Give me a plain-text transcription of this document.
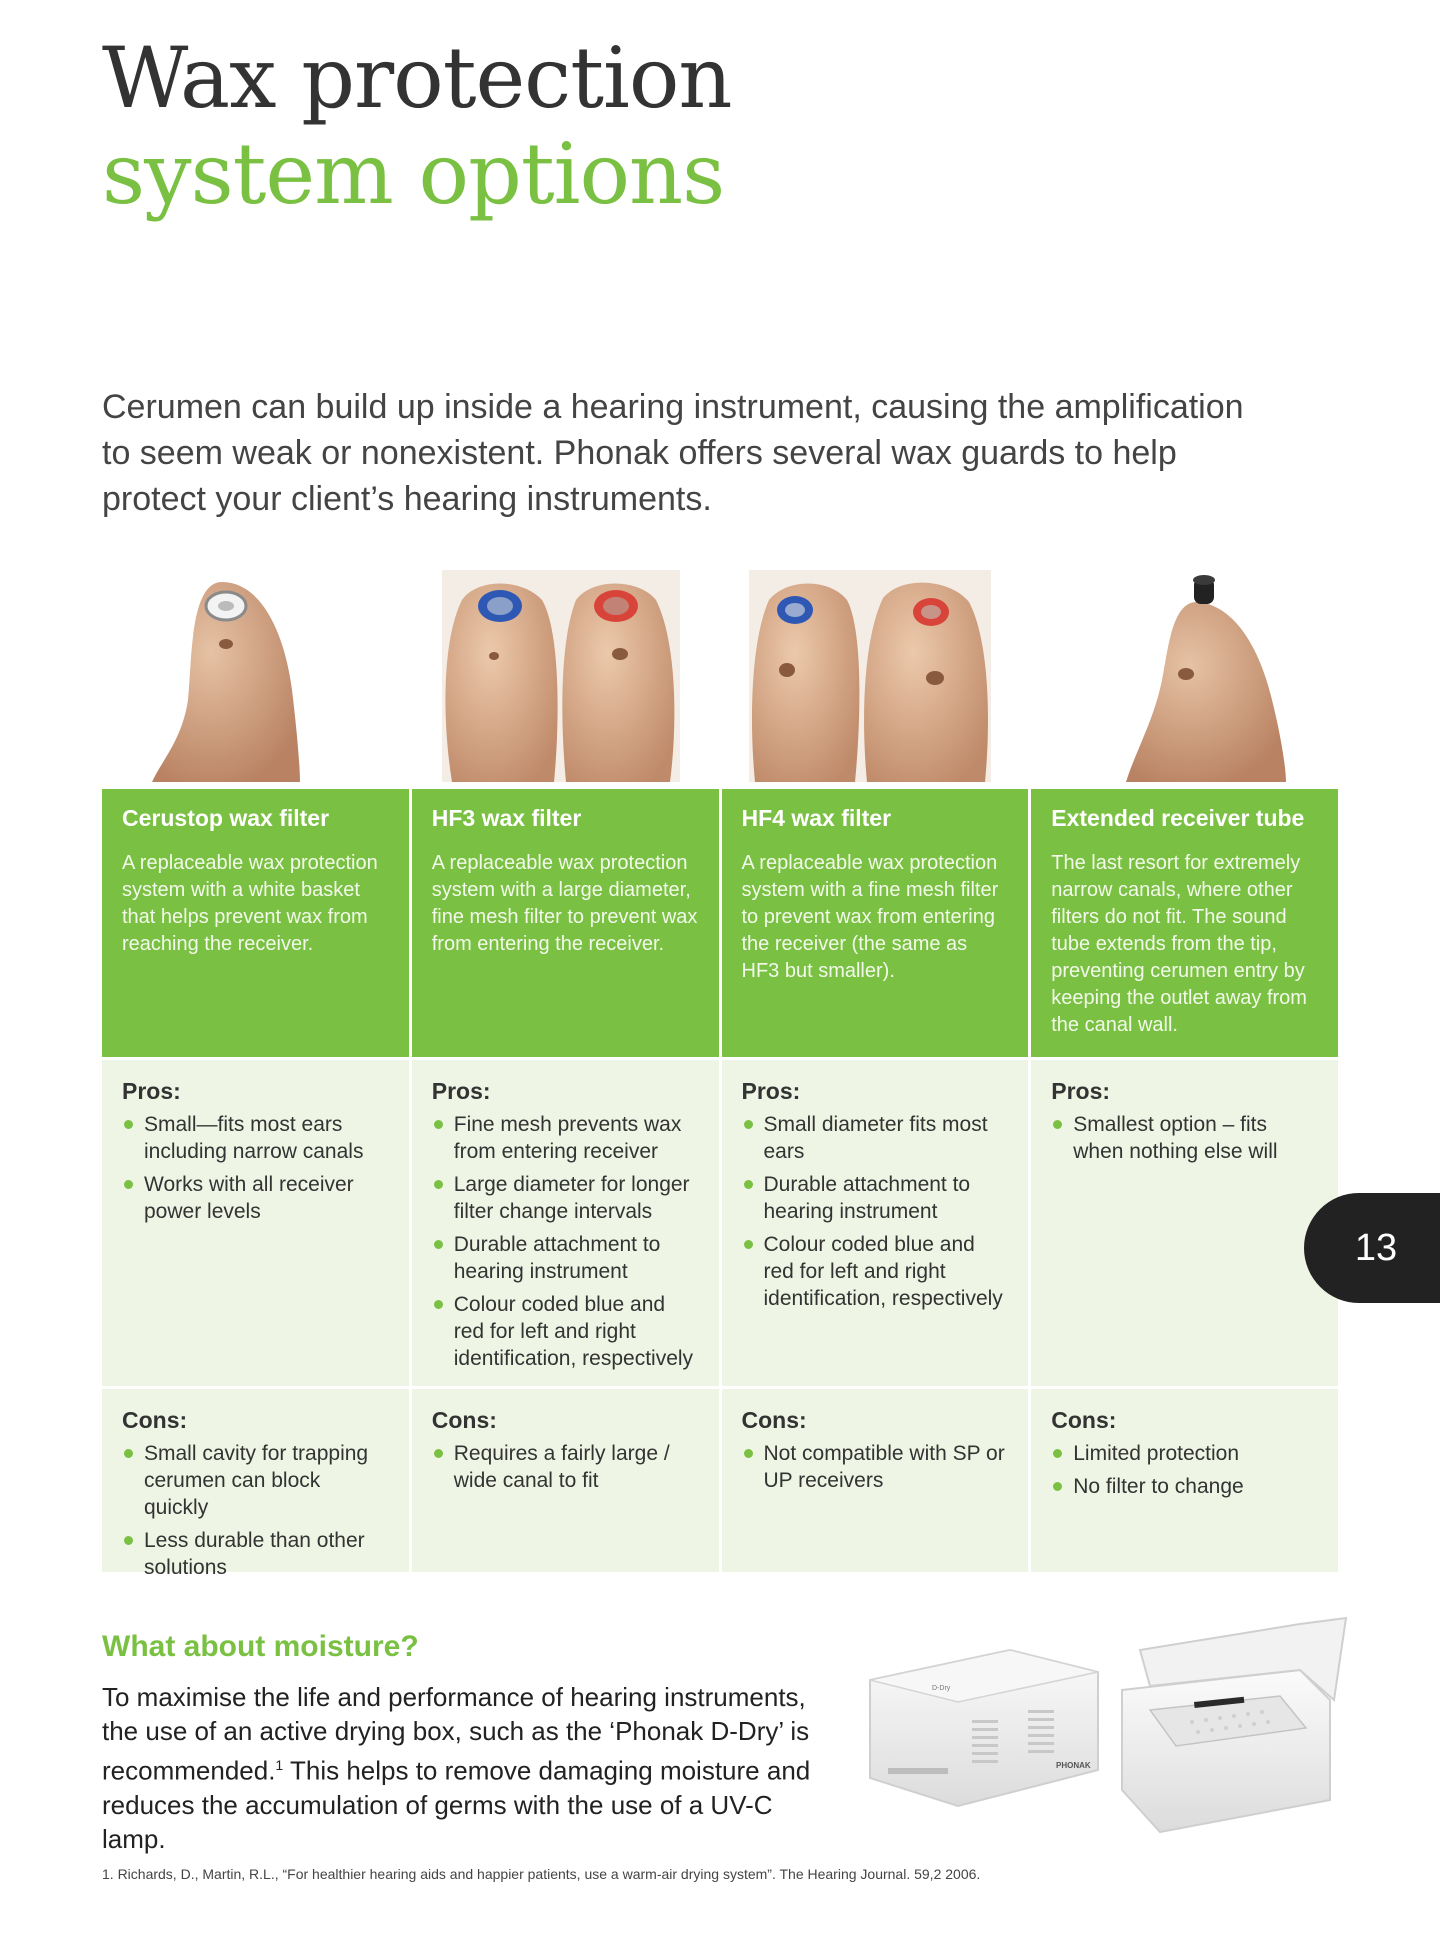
Wax protection
system options

Cerumen can build up inside a hearing instrument, causing the amplification to seem weak or nonexistent. Phonak offers several wax guards to help protect your client’s hearing instruments.

Cerustop wax filter

A replaceable wax protection system with a white basket that helps prevent wax from reaching the receiver.

Pros:
Small—fits most ears including narrow canals
Works with all receiver power levels
Cons:
Small cavity for trapping cerumen can block quickly
Less durable than other solutions
HF3 wax filter

A replaceable wax protection system with a large diameter, fine mesh filter to prevent wax from entering the receiver.

Pros:
Fine mesh prevents wax from entering receiver
Large diameter for longer filter change intervals
Durable attachment to hearing instrument
Colour coded blue and red for left and right identification, respectively
Cons:
Requires a fairly large / wide canal to fit
HF4 wax filter

A replaceable wax protection system with a fine mesh filter to prevent wax from entering the receiver (the same as HF3 but smaller).

Pros:
Small diameter fits most ears
Durable attachment to hearing instrument
Colour coded blue and red for left and right identification, respectively
Cons:
Not compatible with SP or UP receivers
Extended receiver tube

The last resort for extremely narrow canals, where other filters do not fit. The sound tube extends from the tip, preventing cerumen entry by keeping the outlet away from the canal wall.

Pros:
Smallest option – fits when nothing else will
Cons:
Limited protection
No filter to change
13
What about moisture?

To maximise the life and performance of hearing instruments, the use of an active drying box, such as the ‘Phonak D-Dry’ is recommended.$^1$ This helps to remove damaging moisture and reduces the accumulation of germs with the use of a UV-C lamp.

D-Dry
PHONAK

1. Richards, D., Martin, R.L., “For healthier hearing aids and happier patients, use a warm-air drying system”. The Hearing Journal. 59,2 2006.
